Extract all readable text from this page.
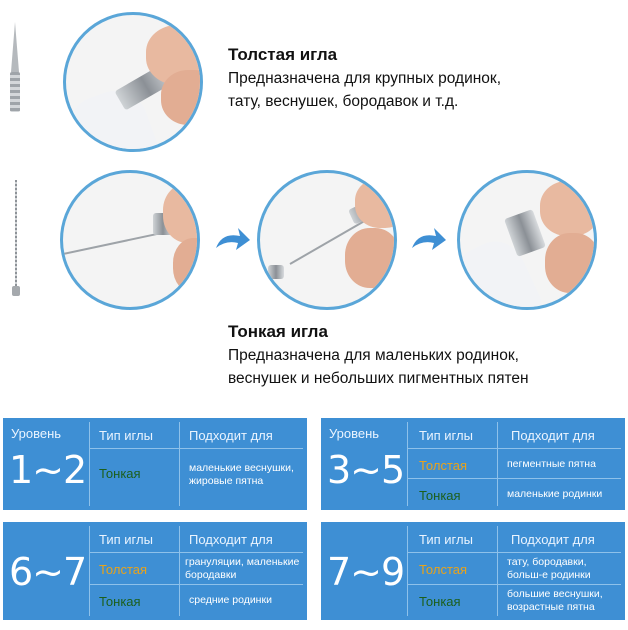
Толстая игла
Предназначена для крупных родинок,
тату, веснушек, бородавок и т.д.
Тонкая игла
Предназначена для маленьких родинок,
веснушек и небольших пигментных пятен
Уровень	Тип иглы	Подходит для
1~2 Тонкая	маленькие веснушки, жировые пятна
Уровень	Тип иглы	Подходит для
3~5 Толстая	пегментные пятна
Тонкая	маленькие родинки
Тип иглы	Подходит для
6~7 Толстая	грануляции, маленькие бородавки
Тонкая	средние родинки
Тип иглы	Подходит для
7~9 Толстая	тату, бородавки, больш-е родинки
Тонкая	большие веснушки, возрастные пятна
